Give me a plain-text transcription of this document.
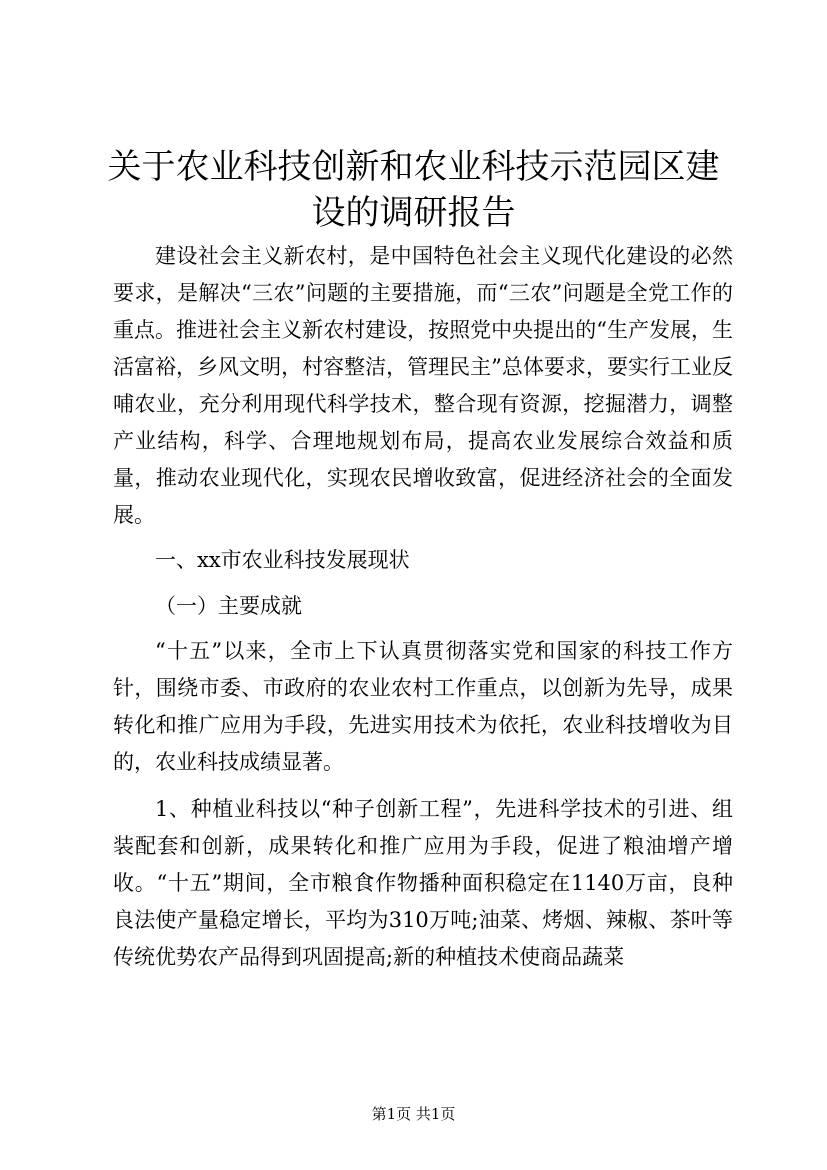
关于农业科技创新和农业科技示范园区建设的调研报告

建设社会主义新农村，是中国特色社会主义现代化建设的必然要求，是解决“三农”问题的主要措施，而“三农”问题是全党工作的重点。推进社会主义新农村建设，按照党中央提出的“生产发展，生活富裕，乡风文明，村容整洁，管理民主”总体要求，要实行工业反哺农业，充分利用现代科学技术，整合现有资源，挖掘潜力，调整产业结构，科学、合理地规划布局，提高农业发展综合效益和质量，推动农业现代化，实现农民增收致富，促进经济社会的全面发展。

一、xx市农业科技发展现状

（一）主要成就

“十五”以来，全市上下认真贯彻落实党和国家的科技工作方针，围绕市委、市政府的农业农村工作重点，以创新为先导，成果转化和推广应用为手段，先进实用技术为依托，农业科技增收为目的，农业科技成绩显著。

1、种植业科技以“种子创新工程”，先进科学技术的引进、组装配套和创新，成果转化和推广应用为手段，促进了粮油增产增收。“十五”期间，全市粮食作物播种面积稳定在1140万亩，良种良法使产量稳定增长，平均为310万吨;油菜、烤烟、辣椒、茶叶等传统优势农产品得到巩固提高;新的种植技术使商品蔬菜

第1页 共1页
